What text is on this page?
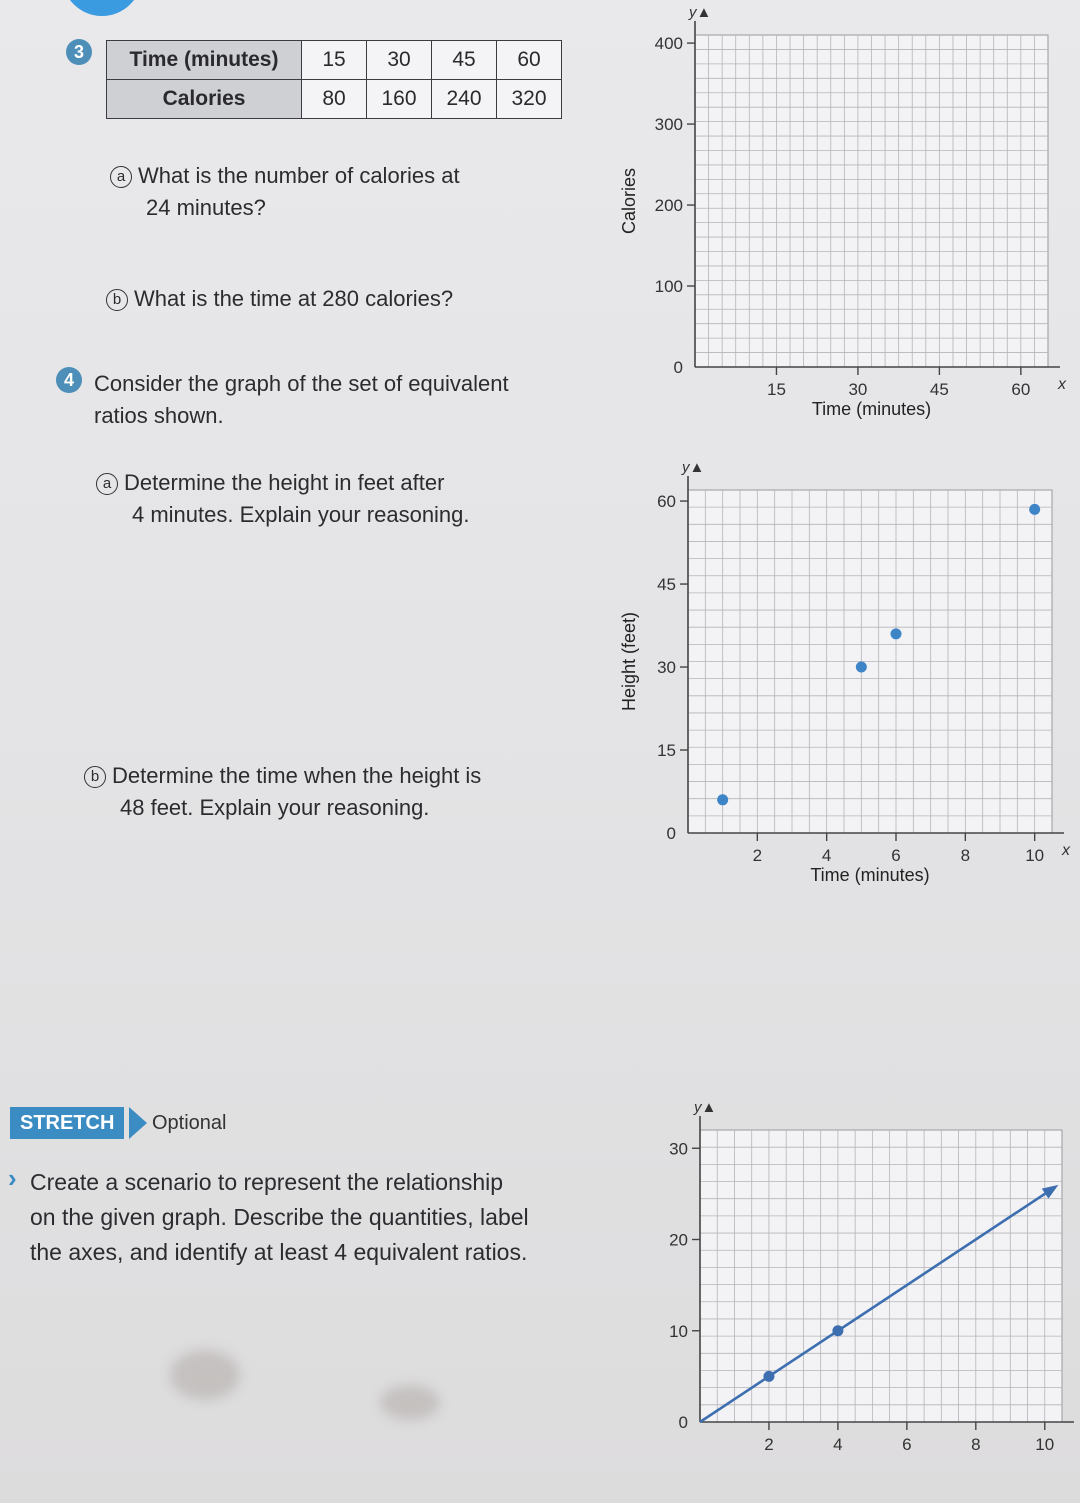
3	Time (minutes)	15	30	45	60
Calories	80	160	240	320
a What is the number of calories at
24 minutes?
b What is the time at 280 calories?
4 Consider the graph of the set of equivalent
ratios shown.
a Determine the height in feet after
4 minutes. Explain your reasoning.
b Determine the time when the height is
48 feet. Explain your reasoning.
STRETCH	Optional
› Create a scenario to represent the relationship
on the given graph. Describe the quantities, label
the axes, and identify at least 4 equivalent ratios.
y▲
x
0
100
200
300
400
15	30	45	60
Time (minutes)
Calories
y▲
x
0
15
30
45
60
2	4	6	8	10
Time (minutes)
Height (feet)
y▲
0
10
20
30
2	4	6	8	10
